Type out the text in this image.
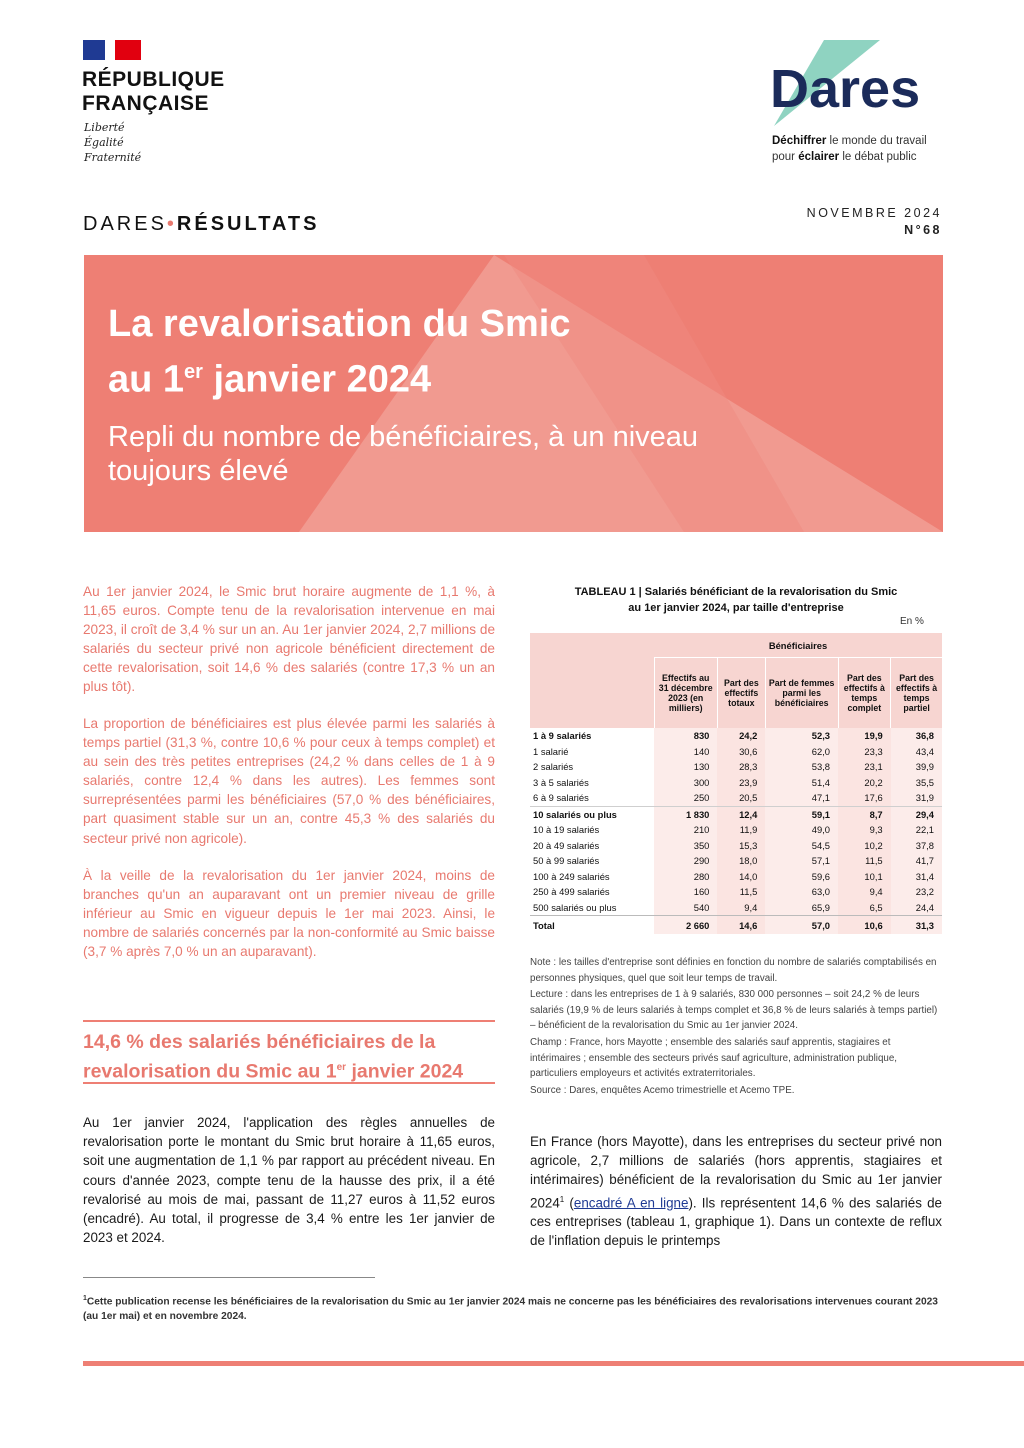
RÉPUBLIQUE
FRANÇAISE
Liberté
Égalité
Fraternité
Dares
Déchiffrer le monde du travail
pour éclairer le débat public
DARES•RÉSULTATS	NOVEMBRE 2024
N°68
La revalorisation du Smic
au 1er janvier 2024
Repli du nombre de bénéficiaires, à un niveau
toujours élevé
Au 1er janvier 2024, le Smic brut horaire augmente de 1,1 %, à 11,65 euros. Compte tenu de la revalorisation intervenue en mai 2023, il croît de 3,4 % sur un an. Au 1er janvier 2024, 2,7 millions de salariés du secteur privé non agricole bénéficient directement de cette revalorisation, soit 14,6 % des salariés (contre 17,3 % un an plus tôt).
La proportion de bénéficiaires est plus élevée parmi les salariés à temps partiel (31,3 %, contre 10,6 % pour ceux à temps complet) et au sein des très petites entreprises (24,2 % dans celles de 1 à 9 salariés, contre 12,4 % dans les autres). Les femmes sont surreprésentées parmi les bénéficiaires (57,0 % des bénéficiaires, part quasiment stable sur un an, contre 45,3 % des salariés du secteur privé non agricole).
À la veille de la revalorisation du 1er janvier 2024, moins de branches qu'un an auparavant ont un premier niveau de grille inférieur au Smic en vigueur depuis le 1er mai 2023. Ainsi, le nombre de salariés concernés par la non-conformité au Smic baisse (3,7 % après 7,0 % un an auparavant).
14,6 % des salariés bénéficiaires de la
revalorisation du Smic au 1er janvier 2024
Au 1er janvier 2024, l'application des règles annuelles de revalorisation porte le montant du Smic brut horaire à 11,65 euros, soit une augmentation de 1,1 % par rapport au précédent niveau. En cours d'année 2023, compte tenu de la hausse des prix, il a été revalorisé au mois de mai, passant de 11,27 euros à 11,52 euros (encadré). Au total, il progresse de 3,4 % entre les 1er janvier de 2023 et 2024.
En France (hors Mayotte), dans les entreprises du secteur privé non agricole, 2,7 millions de salariés (hors apprentis, stagiaires et intérimaires) bénéficient de la revalorisation du Smic au 1er janvier 2024$^1$ (encadré A en ligne). Ils représentent 14,6 % des salariés de ces entreprises (tableau 1, graphique 1). Dans un contexte de reflux de l'inflation depuis le printemps
TABLEAU 1 | Salariés bénéficiant de la revalorisation du Smic
au 1er janvier 2024, par taille d'entreprise
En %
	Bénéficiaires				
	Effectifs au 31 décembre 2023 (en milliers)	Part des effectifs totaux	Part de femmes parmi les bénéficiaires	Part des effectifs à temps complet	Part des effectifs à temps partiel
1 à 9 salariés	830	24,2	52,3	19,9	36,8
1 salarié	140	30,6	62,0	23,3	43,4
2 salariés	130	28,3	53,8	23,1	39,9
3 à 5 salariés	300	23,9	51,4	20,2	35,5
6 à 9 salariés	250	20,5	47,1	17,6	31,9
10 salariés ou plus	1 830	12,4	59,1	8,7	29,4
10 à 19 salariés	210	11,9	49,0	9,3	22,1
20 à 49 salariés	350	15,3	54,5	10,2	37,8
50 à 99 salariés	290	18,0	57,1	11,5	41,7
100 à 249 salariés	280	14,0	59,6	10,1	31,4
250 à 499 salariés	160	11,5	63,0	9,4	23,2
500 salariés ou plus	540	9,4	65,9	6,5	24,4
Total	2 660	14,6	57,0	10,6	31,3

Note : les tailles d'entreprise sont définies en fonction du nombre de salariés comptabilisés en personnes physiques, quel que soit leur temps de travail.

Lecture : dans les entreprises de 1 à 9 salariés, 830 000 personnes – soit 24,2 % de leurs salariés (19,9 % de leurs salariés à temps complet et 36,8 % de leurs salariés à temps partiel) – bénéficient de la revalorisation du Smic au 1er janvier 2024.

Champ : France, hors Mayotte ; ensemble des salariés sauf apprentis, stagiaires et intérimaires ; ensemble des secteurs privés sauf agriculture, administration publique, particuliers employeurs et activités extraterritoriales.

Source : Dares, enquêtes Acemo trimestrielle et Acemo TPE.

$^1$Cette publication recense les bénéficiaires de la revalorisation du Smic au 1er janvier 2024 mais ne concerne pas les bénéficiaires des revalorisations intervenues courant 2023 (au 1er mai) et en novembre 2024.
